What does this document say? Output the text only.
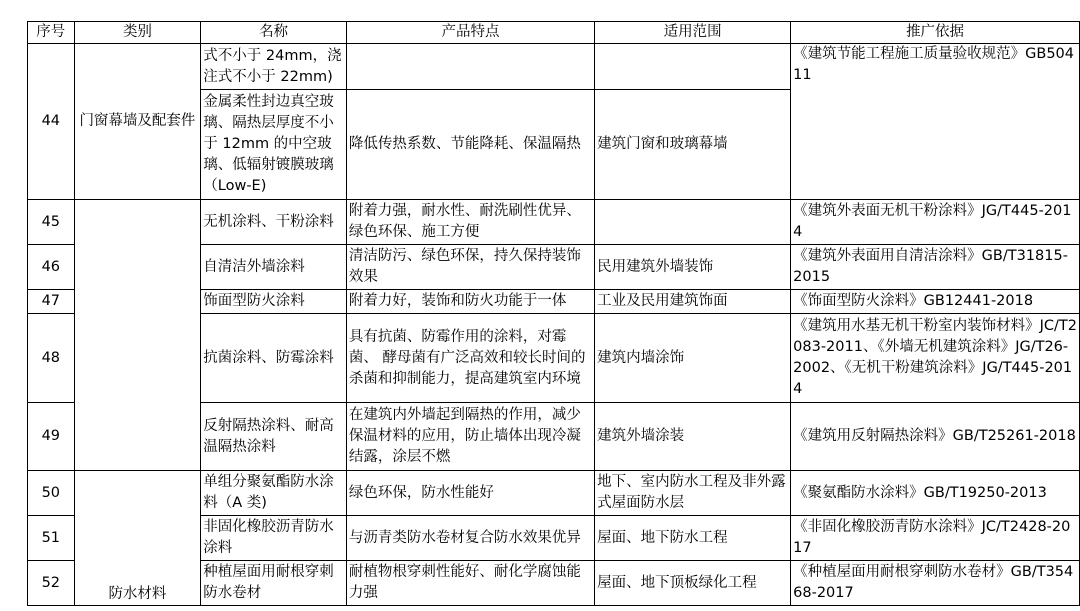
序号	类别	名称	产品特点	适用范围	推广依据
44	门窗幕墙及配套件	式不小于 24mm，浇注式不小于 22mm)			《建筑节能工程施工质量验收规范》GB50411
		金属柔性封边真空玻璃、隔热层厚度不小于 12mm 的中空玻璃、低辐射镀膜玻璃（Low-E)	降低传热系数、节能降耗、保温隔热	建筑门窗和玻璃幕墙	
45		无机涂料、干粉涂料	附着力强，耐水性、耐洗刷性优异、绿色环保、施工方便		《建筑外表面无机干粉涂料》JG/T445-2014
46		自清洁外墙涂料	清洁防污、绿色环保，持久保持装饰效果	民用建筑外墙装饰	《建筑外表面用自清洁涂料》GB/T31815-2015
47		饰面型防火涂料	附着力好，装饰和防火功能于一体	工业及民用建筑饰面	《饰面型防火涂料》GB12441-2018
48		抗菌涂料、防霉涂料	具有抗菌、防霉作用的涂料，对霉菌、 酵母菌有广泛高效和较长时间的杀菌和抑制能力，提高建筑室内环境	建筑内墙涂饰	《建筑用水基无机干粉室内装饰材料》JC/T2083-2011、《外墙无机建筑涂料》JG/T26-2002、《无机干粉建筑涂料》JG/T445-2014
49		反射隔热涂料、耐高温隔热涂料	在建筑内外墙起到隔热的作用，减少保温材料的应用，防止墙体出现冷凝结露，涂层不燃	建筑外墙涂装	《建筑用反射隔热涂料》GB/T25261-2018
50	防水材料	单组分聚氨酯防水涂料（A 类)	绿色环保，防水性能好	地下、室内防水工程及非外露式屋面防水层	《聚氨酯防水涂料》GB/T19250-2013
51		非固化橡胶沥青防水涂料	与沥青类防水卷材复合防水效果优异	屋面、地下防水工程	《非固化橡胶沥青防水涂料》JC/T2428-2017
52		种植屋面用耐根穿刺防水卷材	耐植物根穿刺性能好、耐化学腐蚀能力强	屋面、地下顶板绿化工程	《种植屋面用耐根穿刺防水卷材》GB/T35468-2017
